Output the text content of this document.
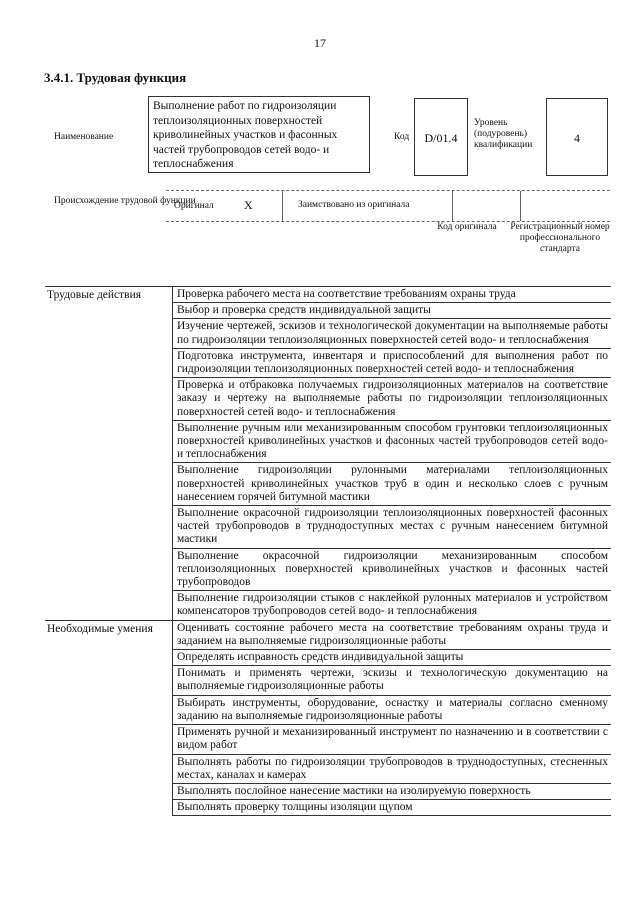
17
3.4.1. Трудовая функция
Наименование
Выполнение работ по гидроизоляции теплоизоляционных поверхностей криволинейных участков и фасонных частей трубопроводов сетей водо- и теплоснабжения
Код	D/01.4
Уровень (подуровень) квалификации	4
Происхождение трудовой функции
Оригинал	X	Заимствовано из оригинала
Код оригинала	Регистрационный номер профессионального стандарта
Трудовые действия	Проверка рабочего места на соответствие требованиям охраны труда
	Выбор и проверка средств индивидуальной защиты
	Изучение чертежей, эскизов и технологической документации на выполняемые работы по гидроизоляции теплоизоляционных поверхностей сетей водо- и теплоснабжения
	Подготовка инструмента, инвентаря и приспособлений для выполнения работ по гидроизоляции теплоизоляционных поверхностей сетей водо- и теплоснабжения
	Проверка и отбраковка получаемых гидроизоляционных материалов на соответствие заказу и чертежу на выполняемые работы по гидроизоляции теплоизоляционных поверхностей сетей водо- и теплоснабжения
	Выполнение ручным или механизированным способом грунтовки теплоизоляционных поверхностей криволинейных участков и фасонных частей трубопроводов сетей водо- и теплоснабжения
	Выполнение гидроизоляции рулонными материалами теплоизоляционных поверхностей криволинейных участков труб в один и несколько слоев с ручным нанесением горячей битумной мастики
	Выполнение окрасочной гидроизоляции теплоизоляционных поверхностей фасонных частей трубопроводов в труднодоступных местах с ручным нанесением битумной мастики
	Выполнение окрасочной гидроизоляции механизированным способом теплоизоляционных поверхностей криволинейных участков и фасонных частей трубопроводов
	Выполнение гидроизоляции стыков с наклейкой рулонных материалов и устройством компенсаторов трубопроводов сетей водо- и теплоснабжения
Необходимые умения	Оценивать состояние рабочего места на соответствие требованиям охраны труда и заданием на выполняемые гидроизоляционные работы
	Определять исправность средств индивидуальной защиты
	Понимать и применять чертежи, эскизы и технологическую документацию на выполняемые гидроизоляционные работы
	Выбирать инструменты, оборудование, оснастку и материалы согласно сменному заданию на выполняемые гидроизоляционные работы
	Применять ручной и механизированный инструмент по назначению и в соответствии с видом работ
	Выполнять работы по гидроизоляции трубопроводов в труднодоступных, стесненных местах, каналах и камерах
	Выполнять послойное нанесение мастики на изолируемую поверхность
	Выполнять проверку толщины изоляции щупом
